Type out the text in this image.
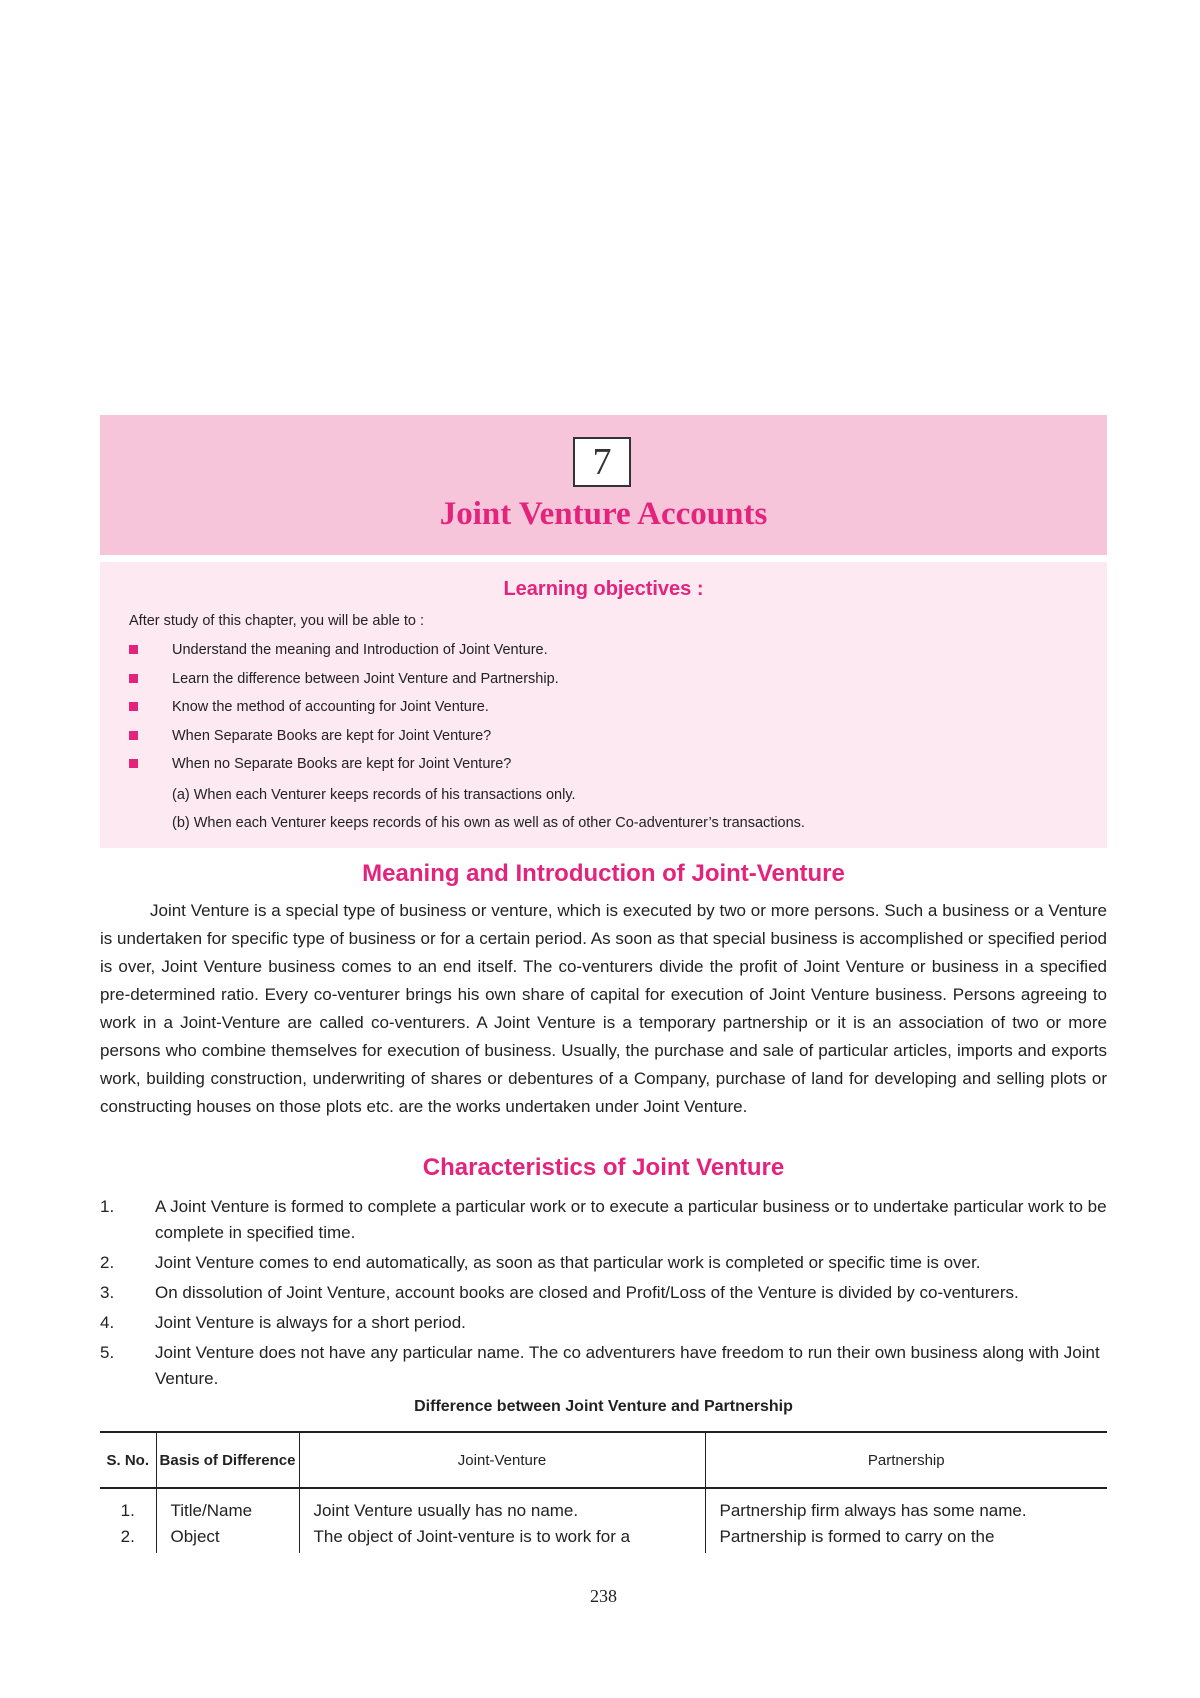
7
Joint Venture Accounts
Learning objectives :
After study of this chapter, you will be able to :
Understand the meaning and Introduction of Joint Venture.
Learn the difference between Joint Venture and Partnership.
Know the method of accounting for Joint Venture.
When Separate Books are kept for Joint Venture?
When no Separate Books are kept for Joint Venture?
(a) When each Venturer keeps records of his transactions only.
(b) When each Venturer keeps records of his own as well as of other Co-adventurer’s transactions.
Meaning and Introduction of Joint-Venture

Joint Venture is a special type of business or venture, which is executed by two or more persons. Such a business or a Venture is undertaken for specific type of business or for a certain period. As soon as that special business is accomplished or specified period is over, Joint Venture business comes to an end itself. The co-venturers divide the profit of Joint Venture or business in a specified pre-determined ratio. Every co-venturer brings his own share of capital for execution of Joint Venture business. Persons agreeing to work in a Joint-Venture are called co-venturers. A Joint Venture is a temporary partnership or it is an association of two or more persons who combine themselves for execution of business. Usually, the purchase and sale of particular articles, imports and exports work, building construction, underwriting of shares or debentures of a Company, purchase of land for developing and selling plots or constructing houses on those plots etc. are the works undertaken under Joint Venture.

Characteristics of Joint Venture
1. A Joint Venture is formed to complete a particular work or to execute a particular business or to undertake particular work to be complete in specified time.
2. Joint Venture comes to end automatically, as soon as that particular work is completed or specific time is over.
3. On dissolution of Joint Venture, account books are closed and Profit/Loss of the Venture is divided by co-venturers.
4. Joint Venture is always for a short period.
5. Joint Venture does not have any particular name. The co adventurers have freedom to run their own business along with Joint Venture.
Difference between Joint Venture and Partnership
S. No.	Basis of Difference	Joint-Venture	Partnership
1.	Title/Name	Joint Venture usually has no name.	Partnership firm always has some name.
2.	Object	The object of Joint-venture is to work for a	Partnership is formed to carry on the
238
